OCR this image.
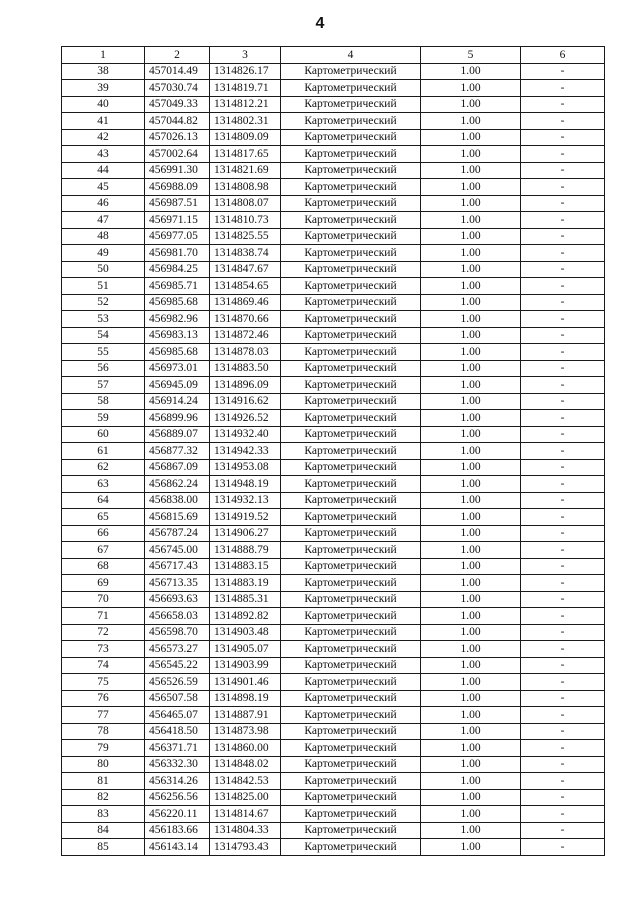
4
1	2	3	4	5	6
38	457014.49	1314826.17	Картометрический	1.00	-
39	457030.74	1314819.71	Картометрический	1.00	-
40	457049.33	1314812.21	Картометрический	1.00	-
41	457044.82	1314802.31	Картометрический	1.00	-
42	457026.13	1314809.09	Картометрический	1.00	-
43	457002.64	1314817.65	Картометрический	1.00	-
44	456991.30	1314821.69	Картометрический	1.00	-
45	456988.09	1314808.98	Картометрический	1.00	-
46	456987.51	1314808.07	Картометрический	1.00	-
47	456971.15	1314810.73	Картометрический	1.00	-
48	456977.05	1314825.55	Картометрический	1.00	-
49	456981.70	1314838.74	Картометрический	1.00	-
50	456984.25	1314847.67	Картометрический	1.00	-
51	456985.71	1314854.65	Картометрический	1.00	-
52	456985.68	1314869.46	Картометрический	1.00	-
53	456982.96	1314870.66	Картометрический	1.00	-
54	456983.13	1314872.46	Картометрический	1.00	-
55	456985.68	1314878.03	Картометрический	1.00	-
56	456973.01	1314883.50	Картометрический	1.00	-
57	456945.09	1314896.09	Картометрический	1.00	-
58	456914.24	1314916.62	Картометрический	1.00	-
59	456899.96	1314926.52	Картометрический	1.00	-
60	456889.07	1314932.40	Картометрический	1.00	-
61	456877.32	1314942.33	Картометрический	1.00	-
62	456867.09	1314953.08	Картометрический	1.00	-
63	456862.24	1314948.19	Картометрический	1.00	-
64	456838.00	1314932.13	Картометрический	1.00	-
65	456815.69	1314919.52	Картометрический	1.00	-
66	456787.24	1314906.27	Картометрический	1.00	-
67	456745.00	1314888.79	Картометрический	1.00	-
68	456717.43	1314883.15	Картометрический	1.00	-
69	456713.35	1314883.19	Картометрический	1.00	-
70	456693.63	1314885.31	Картометрический	1.00	-
71	456658.03	1314892.82	Картометрический	1.00	-
72	456598.70	1314903.48	Картометрический	1.00	-
73	456573.27	1314905.07	Картометрический	1.00	-
74	456545.22	1314903.99	Картометрический	1.00	-
75	456526.59	1314901.46	Картометрический	1.00	-
76	456507.58	1314898.19	Картометрический	1.00	-
77	456465.07	1314887.91	Картометрический	1.00	-
78	456418.50	1314873.98	Картометрический	1.00	-
79	456371.71	1314860.00	Картометрический	1.00	-
80	456332.30	1314848.02	Картометрический	1.00	-
81	456314.26	1314842.53	Картометрический	1.00	-
82	456256.56	1314825.00	Картометрический	1.00	-
83	456220.11	1314814.67	Картометрический	1.00	-
84	456183.66	1314804.33	Картометрический	1.00	-
85	456143.14	1314793.43	Картометрический	1.00	-
